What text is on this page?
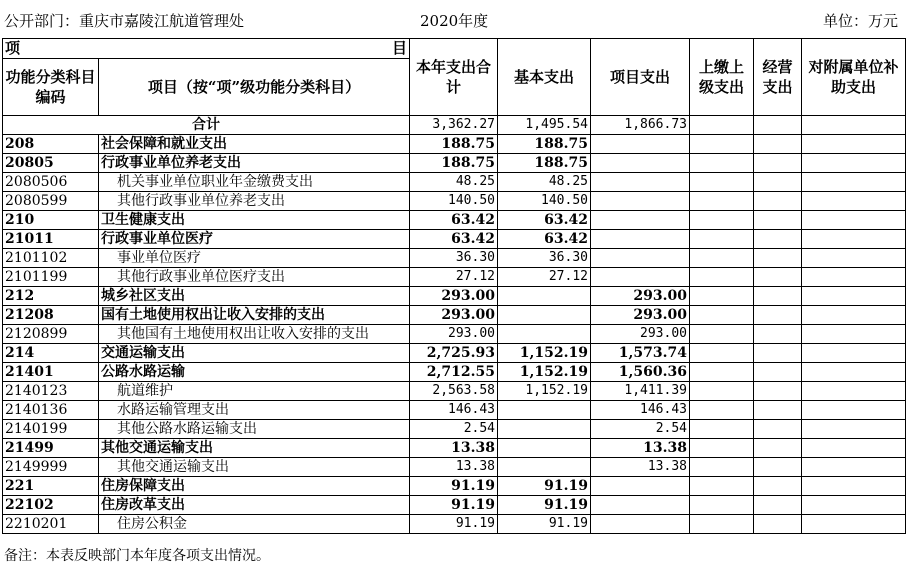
公开部门：重庆市嘉陵江航道管理处	2020年度	单位：万元
项 目		本年支出合计	基本支出	项目支出	上缴上级支出	经营支出	对附属单位补助支出
功能分类科目编码	项目（按“项”级功能分类科目）						
合计		3,362.27	1,495.54	1,866.73			
208	社会保障和就业支出	188.75	188.75				
20805	行政事业单位养老支出	188.75	188.75				
2080506	机关事业单位职业年金缴费支出	48.25	48.25				
2080599	其他行政事业单位养老支出	140.50	140.50				
210	卫生健康支出	63.42	63.42				
21011	行政事业单位医疗	63.42	63.42				
2101102	事业单位医疗	36.30	36.30				
2101199	其他行政事业单位医疗支出	27.12	27.12				
212	城乡社区支出	293.00		293.00			
21208	国有土地使用权出让收入安排的支出	293.00		293.00			
2120899	其他国有土地使用权出让收入安排的支出	293.00		293.00			
214	交通运输支出	2,725.93	1,152.19	1,573.74			
21401	公路水路运输	2,712.55	1,152.19	1,560.36			
2140123	航道维护	2,563.58	1,152.19	1,411.39			
2140136	水路运输管理支出	146.43		146.43			
2140199	其他公路水路运输支出	2.54		2.54			
21499	其他交通运输支出	13.38		13.38			
2149999	其他交通运输支出	13.38		13.38			
221	住房保障支出	91.19	91.19				
22102	住房改革支出	91.19	91.19				
2210201	住房公积金	91.19	91.19				
备注：本表反映部门本年度各项支出情况。
